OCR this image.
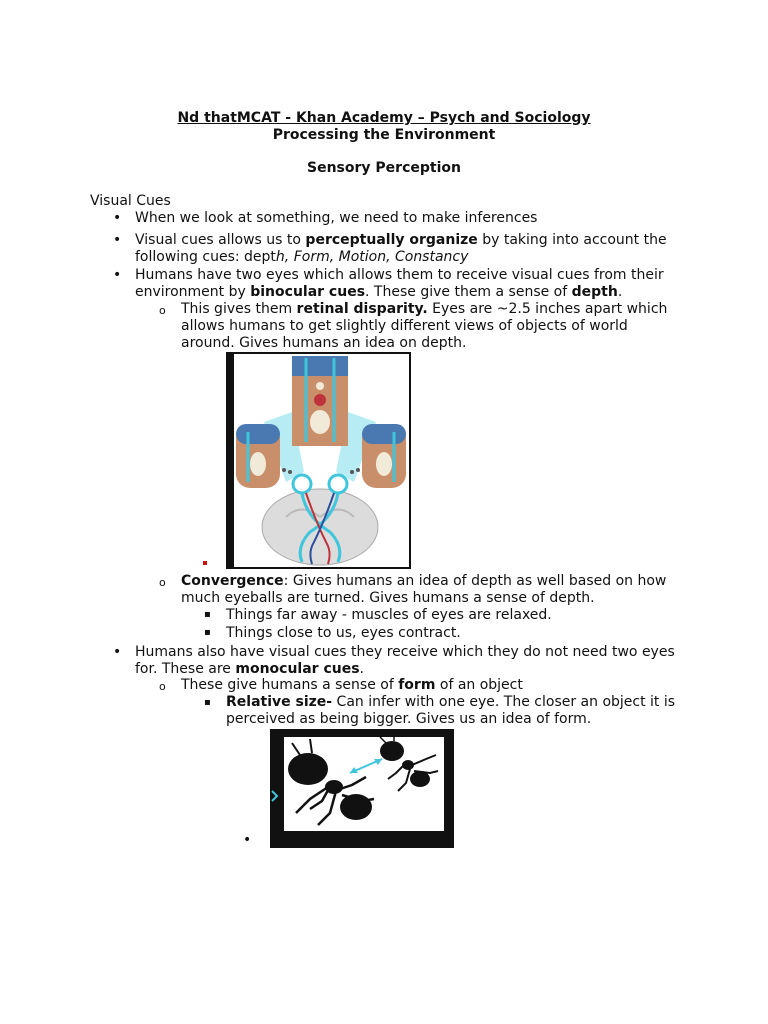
Nd thatMCAT - Khan Academy – Psych and Sociology
Processing the Environment
Sensory Perception
Visual Cues
• When we look at something, we need to make inferences
• Visual cues allows us to perceptually organize by taking into account the
following cues: depth, Form, Motion, Constancy
• Humans have two eyes which allows them to receive visual cues from their
environment by binocular cues. These give them a sense of depth.
o This gives them retinal disparity. Eyes are ~2.5 inches apart which
allows humans to get slightly different views of objects of world
around. Gives humans an idea on depth.
o Convergence: Gives humans an idea of depth as well based on how
much eyeballs are turned. Gives humans a sense of depth.
▪ Things far away - muscles of eyes are relaxed.
▪ Things close to us, eyes contract.
• Humans also have visual cues they receive which they do not need two eyes
for. These are monocular cues.
o These give humans a sense of form of an object
▪ Relative size- Can infer with one eye. The closer an object it is
perceived as being bigger. Gives us an idea of form.
•
